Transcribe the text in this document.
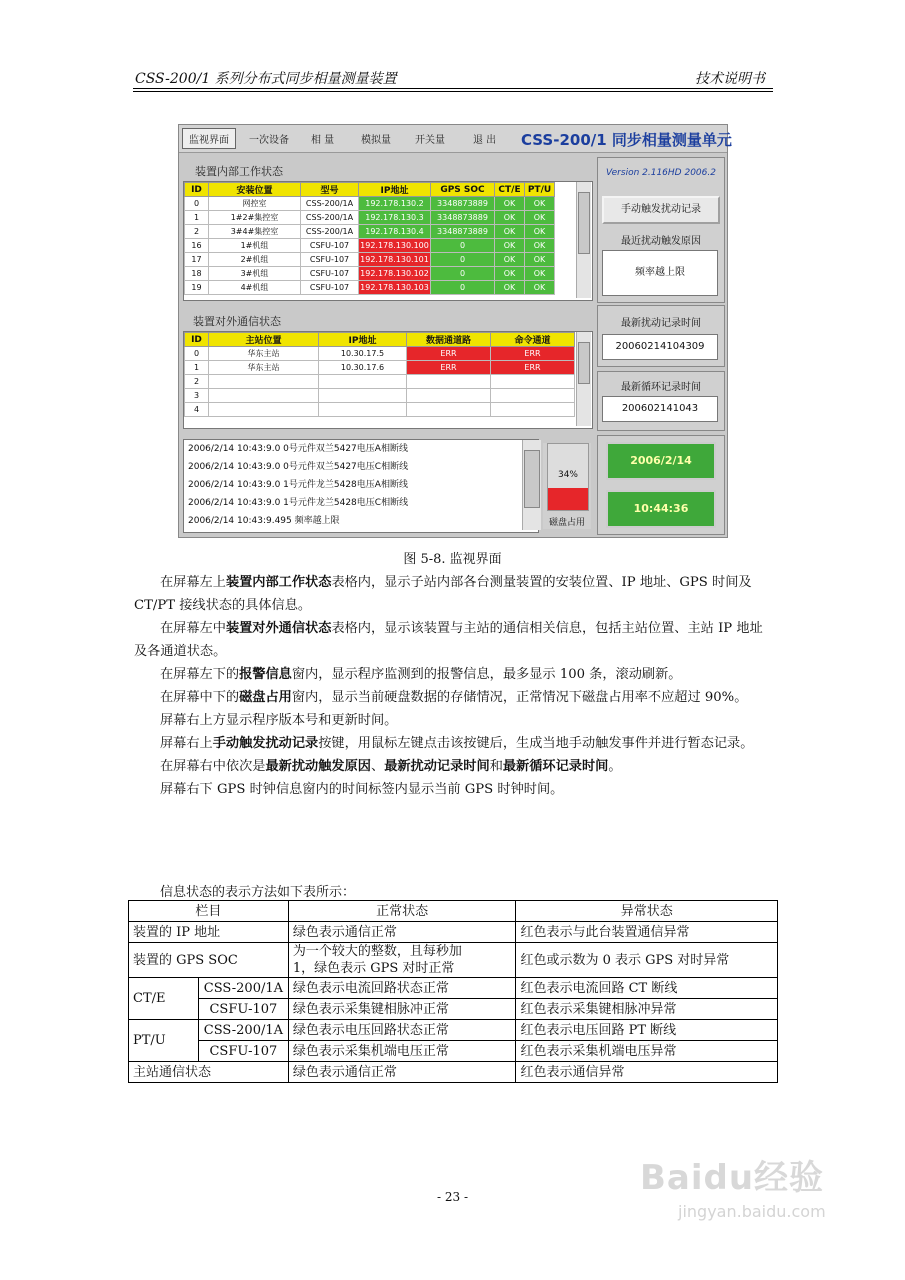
CSS-200/1 系列分布式同步相量测量装置	技术说明书
监视界面	一次设备 相 量	模拟量 开关量	退 出 CSS-200/1 同步相量测量单元
装置内部工作状态
ID	安装位置	型号	IP地址	GPS SOC	CT/E	PT/U
0	网控室	CSS-200/1A	192.178.130.2	3348873889	OK	OK
1	1#2#集控室	CSS-200/1A	192.178.130.3	3348873889	OK	OK
2	3#4#集控室	CSS-200/1A	192.178.130.4	3348873889	OK	OK
16	1#机组	CSFU-107	192.178.130.100	0	OK	OK
17	2#机组	CSFU-107	192.178.130.101	0	OK	OK
18	3#机组	CSFU-107	192.178.130.102	0	OK	OK
19	4#机组	CSFU-107	192.178.130.103	0	OK	OK
装置对外通信状态
ID	主站位置	IP地址	数据通道路	命令通道
0	华东主站	10.30.17.5	ERR	ERR
1	华东主站	10.30.17.6	ERR	ERR
2				
3				
4				
Version 2.116HD 2006.2
手动触发扰动记录
最近扰动触发原因
频率越上限
最新扰动记录时间
20060214104309
最新循环记录时间
200602141043
2006/2/14 10:43:9.0 0号元件双兰5427电压A相断线
2006/2/14 10:43:9.0 0号元件双兰5427电压C相断线
2006/2/14 10:43:9.0 1号元件龙兰5428电压A相断线
2006/2/14 10:43:9.0 1号元件龙兰5428电压C相断线
2006/2/14 10:43:9.495 频率越上限
34%
磁盘占用
2006/2/14
10:44:36
图 5-8. 监视界面

在屏幕左上装置内部工作状态表格内，显示子站内部各台测量装置的安装位置、IP 地址、GPS 时间及 CT/PT 接线状态的具体信息。

在屏幕左中装置对外通信状态表格内，显示该装置与主站的通信相关信息，包括主站位置、主站 IP 地址及各通道状态。

在屏幕左下的报警信息窗内，显示程序监测到的报警信息，最多显示 100 条，滚动刷新。

在屏幕中下的磁盘占用窗内，显示当前硬盘数据的存储情况，正常情况下磁盘占用率不应超过 90%。

屏幕右上方显示程序版本号和更新时间。

屏幕右上手动触发扰动记录按键，用鼠标左键点击该按键后，生成当地手动触发事件并进行暂态记录。

在屏幕右中依次是最新扰动触发原因、最新扰动记录时间和最新循环记录时间。

屏幕右下 GPS 时钟信息窗内的时间标签内显示当前 GPS 时钟时间。

信息状态的表示方法如下表所示：
栏目		正常状态	异常状态
装置的 IP 地址		绿色表示通信正常	红色表示与此台装置通信异常
装置的 GPS SOC		为一个较大的整数，且每秒加
1，绿色表示 GPS 对时正常	红色或示数为 0 表示 GPS 对时异常
CT/E	CSS-200/1A	绿色表示电流回路状态正常	红色表示电流回路 CT 断线
	CSFU-107	绿色表示采集键相脉冲正常	红色表示采集键相脉冲异常
PT/U	CSS-200/1A	绿色表示电压回路状态正常	红色表示电压回路 PT 断线
	CSFU-107	绿色表示采集机端电压正常	红色表示采集机端电压异常
主站通信状态		绿色表示通信正常	红色表示通信异常
- 23 -	Baidu经验
jingyan.baidu.com
